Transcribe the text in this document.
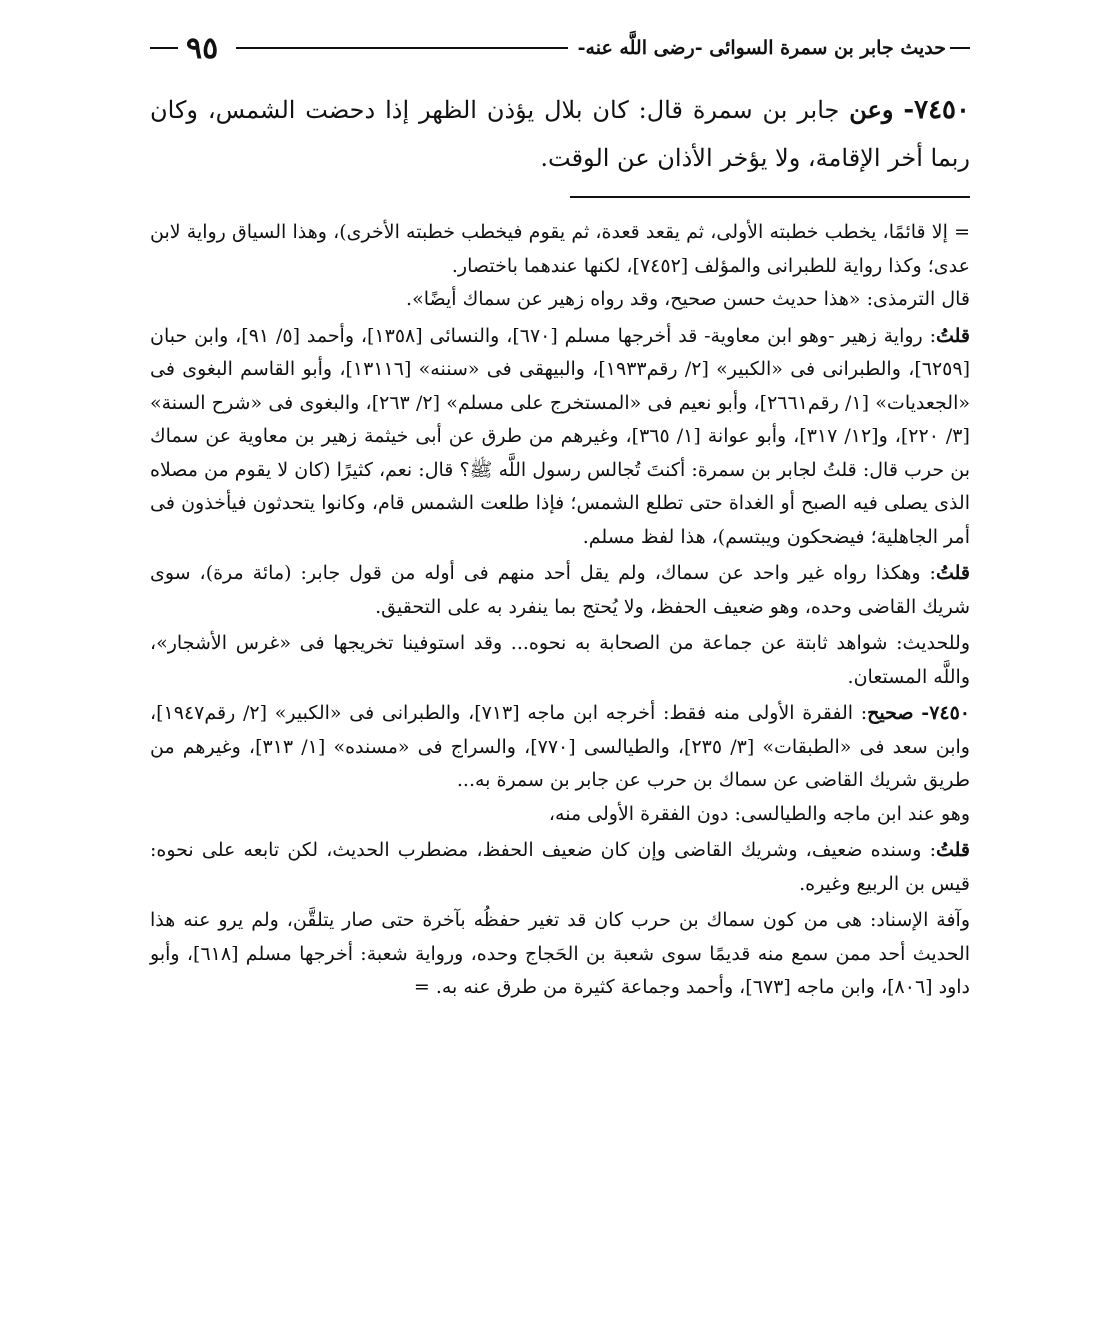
حديث جابر بن سمرة السوائى -رضى اللَّه عنه-
٩٥
٧٤٥٠- وعن جابر بن سمرة قال: كان بلال يؤذن الظهر إذا دحضت الشمس، وكان ربما أخر الإقامة، ولا يؤخر الأذان عن الوقت.

= إلا قائمًا، يخطب خطبته الأولى، ثم يقعد قعدة، ثم يقوم فيخطب خطبته الأخرى)، وهذا السياق رواية لابن عدى؛ وكذا رواية للطبرانى والمؤلف [٧٤٥٢]، لكنها عندهما باختصار.

قال الترمذى: «هذا حديث حسن صحيح، وقد رواه زهير عن سماك أيضًا».

قلتُ: رواية زهير -وهو ابن معاوية- قد أخرجها مسلم [٦٧٠]، والنسائى [١٣٥٨]، وأحمد [٥/ ٩١]، وابن حبان [٦٢٥٩]، والطبرانى فى «الكبير» [٢/ رقم١٩٣٣]، والبيهقى فى «سننه» [١٣١١٦]، وأبو القاسم البغوى فى «الجعديات» [١/ رقم٢٦٦١]، وأبو نعيم فى «المستخرج على مسلم» [٢/ ٢٦٣]، والبغوى فى «شرح السنة» [٣/ ٢٢٠]، و[١٢/ ٣١٧]، وأبو عوانة [١/ ٣٦٥]، وغيرهم من طرق عن أبى خيثمة زهير بن معاوية عن سماك بن حرب قال: قلتُ لجابر بن سمرة: أكنتَ تُجالس رسول اللَّه ﷺ؟ قال: نعم، كثيرًا (كان لا يقوم من مصلاه الذى يصلى فيه الصبح أو الغداة حتى تطلع الشمس؛ فإذا طلعت الشمس قام، وكانوا يتحدثون فيأخذون فى أمر الجاهلية؛ فيضحكون ويبتسم)، هذا لفظ مسلم.

قلتُ: وهكذا رواه غير واحد عن سماك، ولم يقل أحد منهم فى أوله من قول جابر: (مائة مرة)، سوى شريك القاضى وحده، وهو ضعيف الحفظ، ولا يُحتج بما ينفرد به على التحقيق.

وللحديث: شواهد ثابتة عن جماعة من الصحابة به نحوه... وقد استوفينا تخريجها فى «غرس الأشجار»، واللَّه المستعان.

٧٤٥٠- صحيح: الفقرة الأولى منه فقط: أخرجه ابن ماجه [٧١٣]، والطبرانى فى «الكبير» [٢/ رقم١٩٤٧]، وابن سعد فى «الطبقات» [٣/ ٢٣٥]، والطيالسى [٧٧٠]، والسراج فى «مسنده» [١/ ٣١٣]، وغيرهم من طريق شريك القاضى عن سماك بن حرب عن جابر بن سمرة به...

وهو عند ابن ماجه والطيالسى: دون الفقرة الأولى منه،

قلتُ: وسنده ضعيف، وشريك القاضى وإن كان ضعيف الحفظ، مضطرب الحديث، لكن تابعه على نحوه: قيس بن الربيع وغيره.

وآفة الإسناد: هى من كون سماك بن حرب كان قد تغير حفظُه بآخرة حتى صار يتلقَّن، ولم يرو عنه هذا الحديث أحد ممن سمع منه قديمًا سوى شعبة بن الحَجاج وحده، ورواية شعبة: أخرجها مسلم [٦١٨]، وأبو داود [٨٠٦]، وابن ماجه [٦٧٣]، وأحمد وجماعة كثيرة من طرق عنه به. =
